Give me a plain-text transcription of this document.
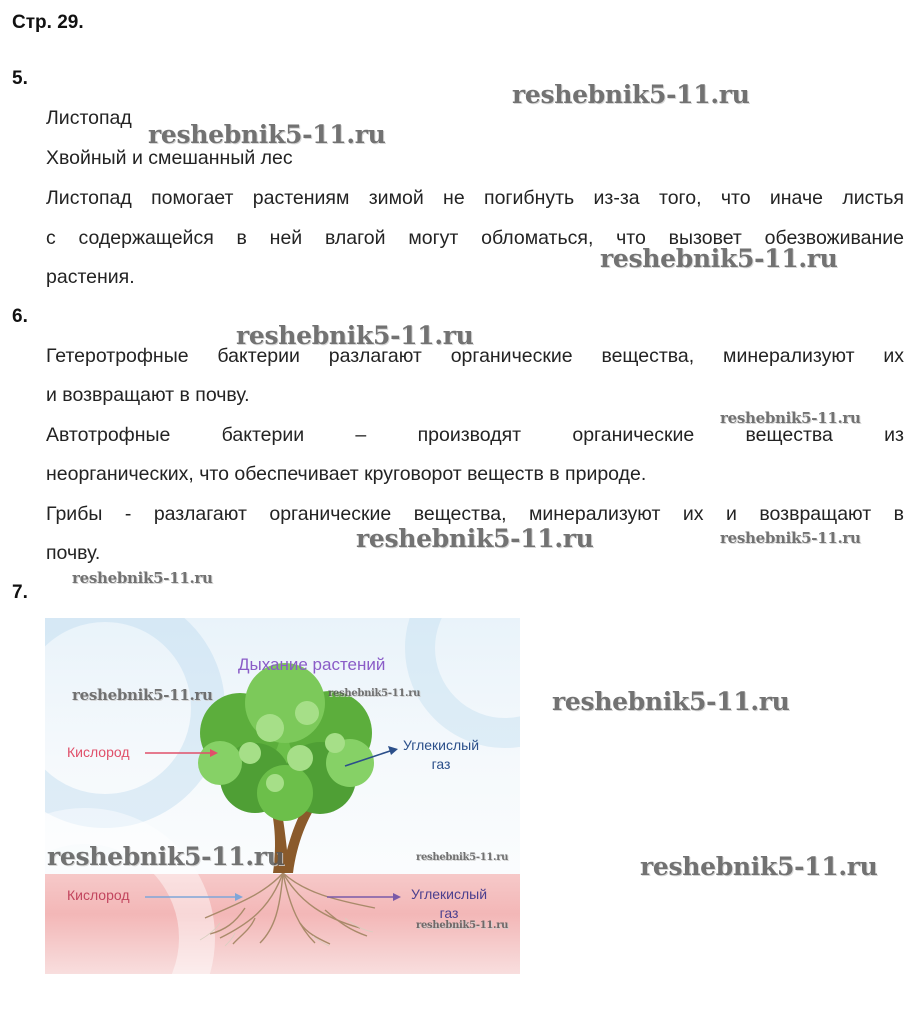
Стр. 29.
5.
Листопад
Хвойный и смешанный лес
Листопад помогает растениям зимой не погибнуть из-за того, что иначе листья
с содержащейся в ней влагой могут обломаться, что вызовет обезвоживание
растения.
6.
Гетеротрофные бактерии разлагают органические вещества, минерализуют их
и возвращают в почву.
Автотрофные бактерии – производят органические вещества из
неорганических, что обеспечивает круговорот веществ в природе.
Грибы - разлагают органические вещества, минерализуют их и возвращают в
почву.
7.
Дыхание растений
Кислород	Углекислый
газ
Кислород	Углекислый
газ
reshebnik5-11.ru
reshebnik5-11.ru
reshebnik5-11.ru
reshebnik5-11.ru
reshebnik5-11.ru
reshebnik5-11.ru	reshebnik5-11.ru
reshebnik5-11.ru
reshebnik5-11.ru	reshebnik5-11.ru	reshebnik5-11.ru
reshebnik5-11.ru	reshebnik5-11.ru	reshebnik5-11.ru
reshebnik5-11.ru
